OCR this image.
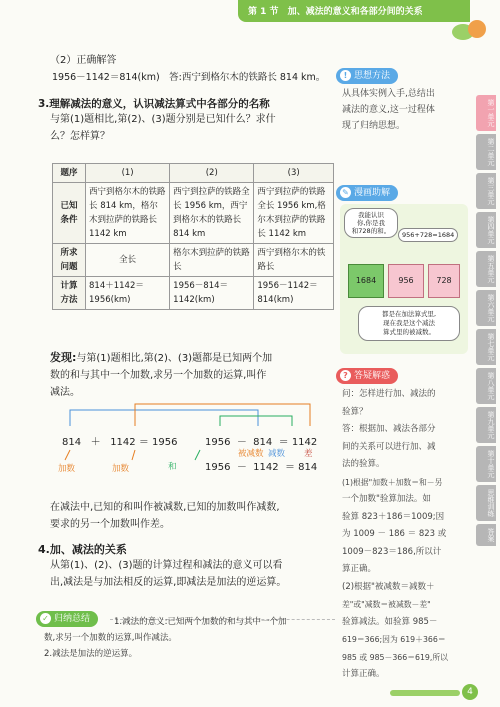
第 1 节 加、减法的意义和各部分间的关系
（2）正确解答
1956－1142＝814(km)　答:西宁到格尔木的铁路长 814 km。
3.理解减法的意义，认识减法算式中各部分的名称
与第(1)题相比,第(2)、(3)题分别是已知什么？求什
么？怎样算？
题序	(1)	(2)	(3)
已知
条件	西宁到格尔木的铁路长 814 km，格尔木到拉萨的铁路长 1142 km	西宁到拉萨的铁路全长 1956 km，西宁到格尔木的铁路长 814 km	西宁到拉萨的铁路全长 1956 km,格尔木到拉萨的铁路长 1142 km
所求
问题	全长	格尔木到拉萨的铁路长	西宁到格尔木的铁路长
计算
方法	814＋1142＝1956(km)	1956－814＝1142(km)	1956－1142＝814(km)
发现:与第(1)题相比,第(2)、(3)题都是已知两个加
数的和与其中一个加数,求另一个加数的运算,叫作
减法。
814 ＋ 1142 ＝ 1956	1956 － 814 ＝ 1142
1956 － 1142 ＝ 814
加数	加数	和
被减数 减数 差
在减法中,已知的和叫作被减数,已知的加数叫作减数,
要求的另一个加数叫作差。
4.加、减法的关系
从第(1)、(2)、(3)题的计算过程和减法的意义可以看
出,减法是与加法相反的运算,即减法是加法的逆运算。
✓ 归纳总结	1.减法的意义:已知两个加数的和与其中一个加
数,求另一个加数的运算,叫作减法。
2.减法是加法的逆运算。
! 思想方法
从具体实例入手,总结出
减法的意义,这一过程体
现了归纳思想。
✎ 漫画助解
我能认识
你,你是我
和728的和。	956+728=1684
1684	956	728
都是在加法算式里,
现在我是这个减法
算式里的被减数。
? 答疑解惑
问：怎样进行加、减法的
验算？
答：根据加、减法各部分
间的关系可以进行加、减
法的验算。
(1)根据"加数＋加数＝和－另
一个加数"验算加法。如
验算 823＋186＝1009;因
为 1009 － 186 ＝ 823 或
1009－823＝186,所以计
算正确。
(2)根据"被减数＝减数＋
差"或"减数＝被减数－差"
验算减法。如验算 985－
619＝366;因为 619＋366＝
985 或 985－366＝619,所以
计算正确。
第一单元
第二单元
第三单元
第四单元
第五单元
第六单元
第七单元
第八单元
第九单元
第十单元
思维训练
答案
4
